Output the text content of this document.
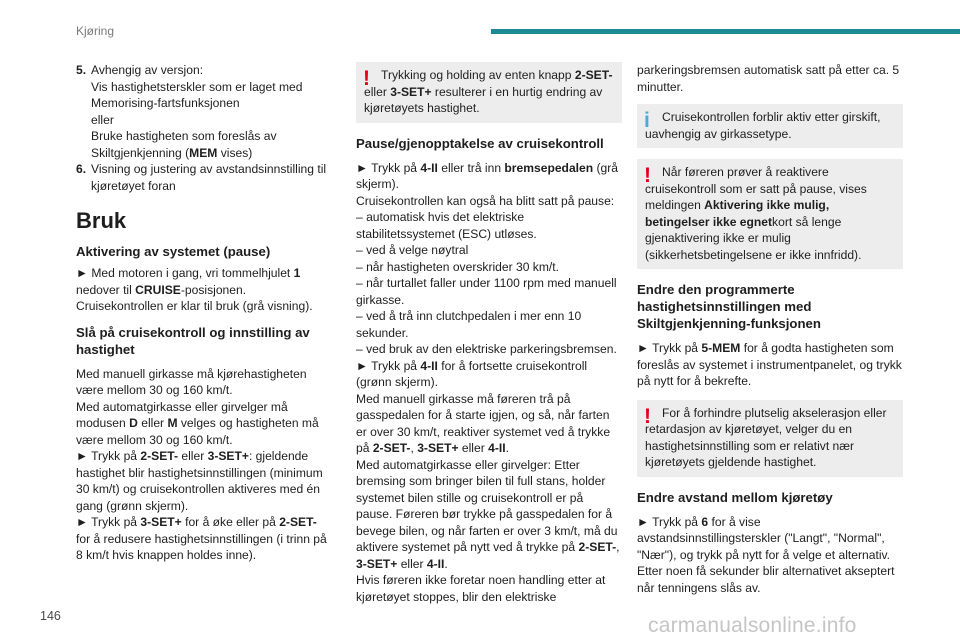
Kjøring
5. Avhengig av versjon:
Vis hastighetsterskler som er laget med Memorising-fartsfunksjonen
eller
Bruke hastigheten som foreslås av Skiltgjenkjenning (MEM vises)
6. Visning og justering av avstandsinnstilling til kjøretøyet foran
Bruk
Aktivering av systemet (pause)

► Med motoren i gang, vri tommelhjulet 1 nedover til CRUISE-posisjonen. Cruisekontrollen er klar til bruk (grå visning).

Slå på cruisekontroll og innstilling av hastighet

Med manuell girkasse må kjørehastigheten være mellom 30 og 160 km/t.

Med automatgirkasse eller girvelger må modusen D eller M velges og hastigheten må være mellom 30 og 160 km/t.

► Trykk på 2-SET- eller 3-SET+: gjeldende hastighet blir hastighetsinnstillingen (minimum 30 km/t) og cruisekontrollen aktiveres med én gang (grønn skjerm).

► Trykk på 3-SET+ for å øke eller på 2-SET- for å redusere hastighetsinnstillingen (i trinn på 8 km/t hvis knappen holdes inne).

! Trykking og holding av enten knapp 2-SET- eller 3-SET+ resulterer i en hurtig endring av kjøretøyets hastighet.

Pause/gjenopptakelse av cruisekontroll

► Trykk på 4-II eller trå inn bremsepedalen (grå skjerm).

Cruisekontrollen kan også ha blitt satt på pause:

– automatisk hvis det elektriske stabilitetssystemet (ESC) utløses.

– ved å velge nøytral

– når hastigheten overskrider 30 km/t.

– når turtallet faller under 1100 rpm med manuell girkasse.

– ved å trå inn clutchpedalen i mer enn 10 sekunder.

– ved bruk av den elektriske parkeringsbremsen.

► Trykk på 4-II for å fortsette cruisekontroll (grønn skjerm).

Med manuell girkasse må føreren trå på gasspedalen for å starte igjen, og så, når farten er over 30 km/t, reaktiver systemet ved å trykke på 2-SET-, 3-SET+ eller 4-II.

Med automatgirkasse eller girvelger: Etter bremsing som bringer bilen til full stans, holder systemet bilen stille og cruisekontroll er på pause. Føreren bør trykke på gasspedalen for å bevege bilen, og når farten er over 3 km/t, må du aktivere systemet på nytt ved å trykke på 2-SET-, 3-SET+ eller 4-II.

Hvis føreren ikke foretar noen handling etter at kjøretøyet stoppes, blir den elektriske

parkeringsbremsen automatisk satt på etter ca. 5 minutter.

i	Cruisekontrollen forblir aktiv etter girskift, uavhengig av girkassetype.

! Når føreren prøver å reaktivere cruisekontroll som er satt på pause, vises meldingen Aktivering ikke mulig, betingelser ikke egnetkort så lenge gjenaktivering ikke er mulig (sikkerhetsbetingelsene er ikke innfridd).

Endre den programmerte hastighetsinnstillingen med Skiltgjenkjenning-funksjonen

► Trykk på 5-MEM for å godta hastigheten som foreslås av systemet i instrumentpanelet, og trykk på nytt for å bekrefte.

! For å forhindre plutselig akselerasjon eller retardasjon av kjøretøyet, velger du en hastighetsinnstilling som er relativt nær kjøretøyets gjeldende hastighet.

Endre avstand mellom kjøretøy

► Trykk på 6 for å vise avstandsinnstillingsterskler ("Langt", "Normal", "Nær"), og trykk på nytt for å velge et alternativ. Etter noen få sekunder blir alternativet akseptert når tenningens slås av.

146	carmanualsonline.info
